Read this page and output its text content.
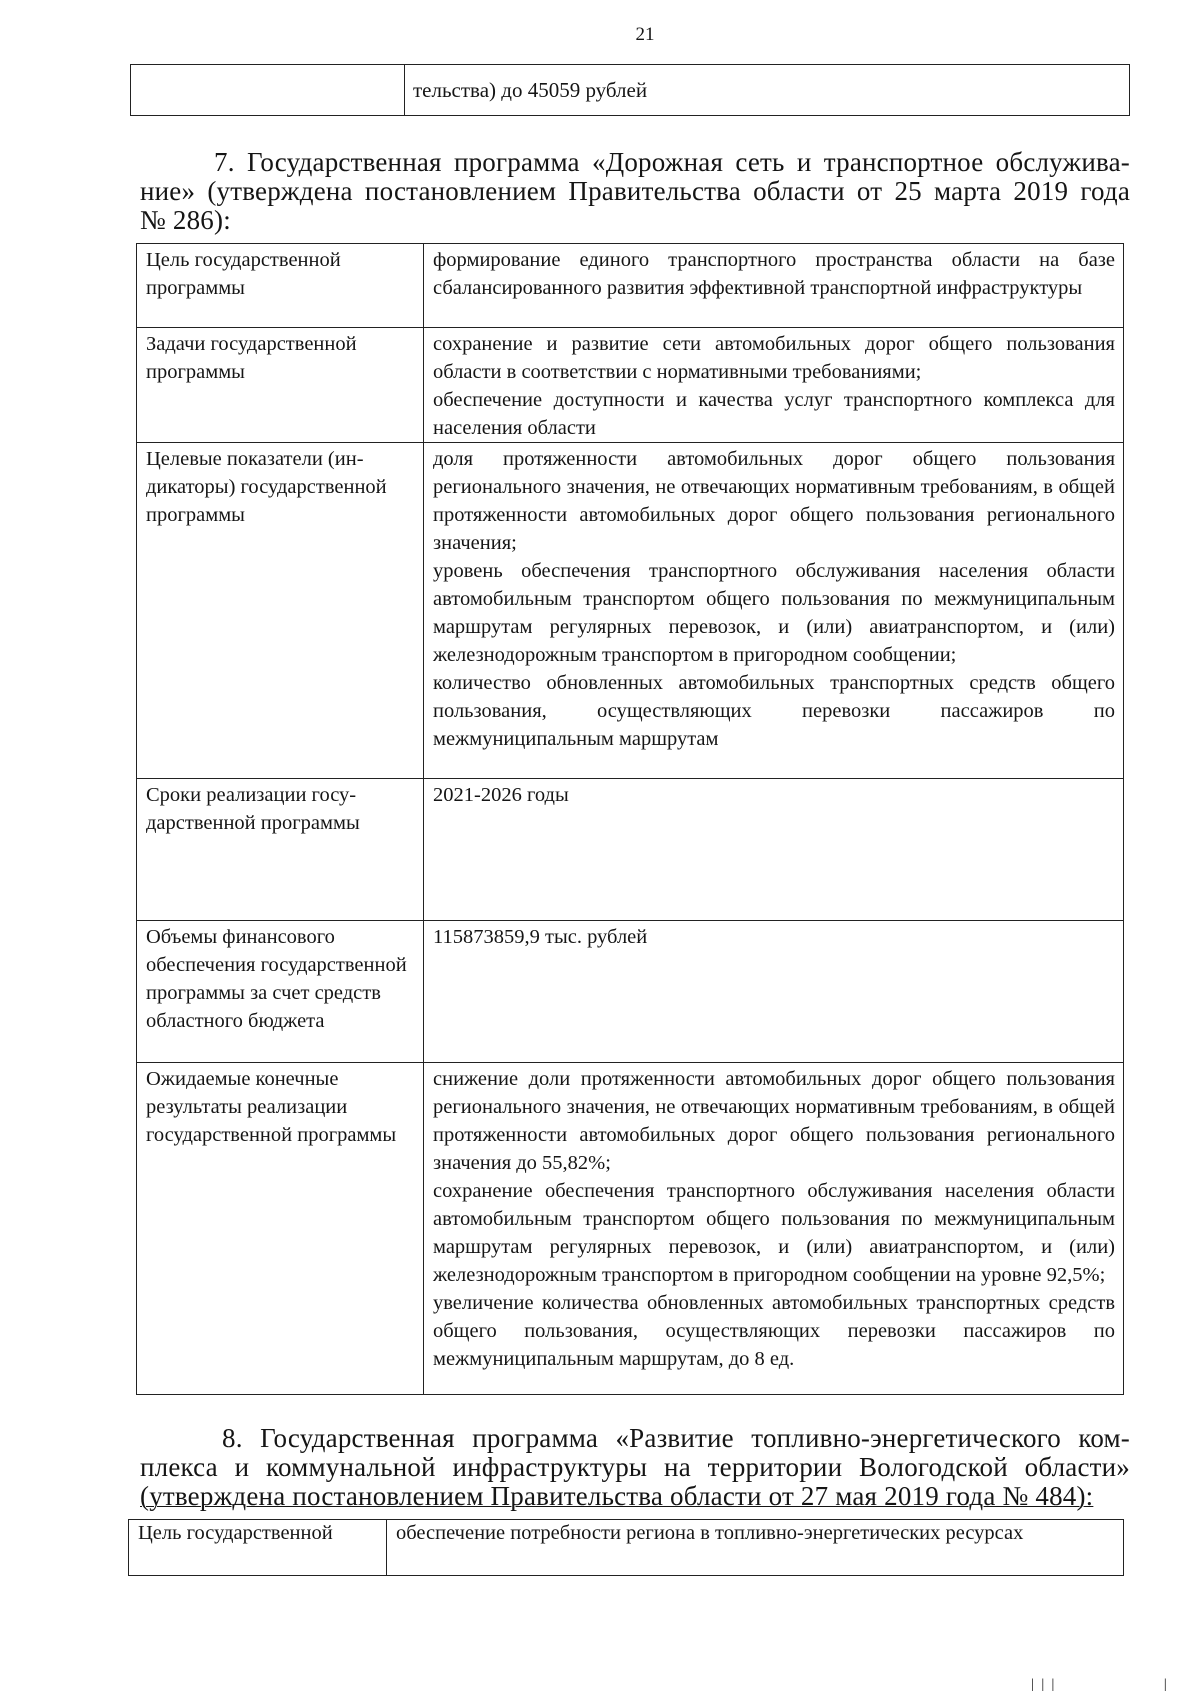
21
	тельства) до 45059 рублей
7. Государственная программа «Дорожная сеть и транспортное обслужива-
ние» (утверждена постановлением Правительства области от 25 марта 2019 года
№ 286):
Цель государственной программы	формирование единого транспортного пространства области на базе сбалансированного развития эффективной транспортной инфраструктуры

Задачи государственной программы	сохранение и развитие сети автомобильных дорог общего пользования области в соответствии с нормативными требованиями;
обеспечение доступности и качества услуг транспортного комплекса для населения области

Целевые показатели (индикаторы) государственной программы	доля протяженности автомобильных дорог общего пользования регионального значения, не отвечающих нормативным требованиям, в общей протяженности автомобильных дорог общего пользования регионального значения;
уровень обеспечения транспортного обслуживания населения области автомобильным транспортом общего пользования по межмуниципальным маршрутам регулярных перевозок, и (или) авиатранспортом, и (или) железнодорожным транспортом в пригородном сообщении;
количество обновленных автомобильных транспортных средств общего пользования, осуществляющих перевозки пассажиров по межмуниципальным маршрутам

Сроки реализации государственной программы	2021-2026 годы

Объемы финансового обеспечения государственной программы за счет средств областного бюджета	115873859,9 тыс. рублей

Ожидаемые конечные результаты реализации государственной программы	снижение доли протяженности автомобильных дорог общего пользования регионального значения, не отвечающих нормативным требованиям, в общей протяженности автомобильных дорог общего пользования регионального значения до 55,82%;
сохранение обеспечения транспортного обслуживания населения области автомобильным транспортом общего пользования по межмуниципальным маршрутам регулярных перевозок, и (или) авиатранспортом, и (или) железнодорожным транспортом в пригородном сообщении на уровне 92,5%;
увеличение количества обновленных автомобильных транспортных средств общего пользования, осуществляющих перевозки пассажиров по межмуниципальным маршрутам, до 8 ед.
8. Государственная программа «Развитие топливно-энергетического ком-
плекса и коммунальной инфраструктуры на территории Вологодской области»
(утверждена постановлением Правительства области от 27 мая 2019 года № 484):
Цель государственной	обеспечение потребности региона в топливно-энергетических ресурсах
|||          |
